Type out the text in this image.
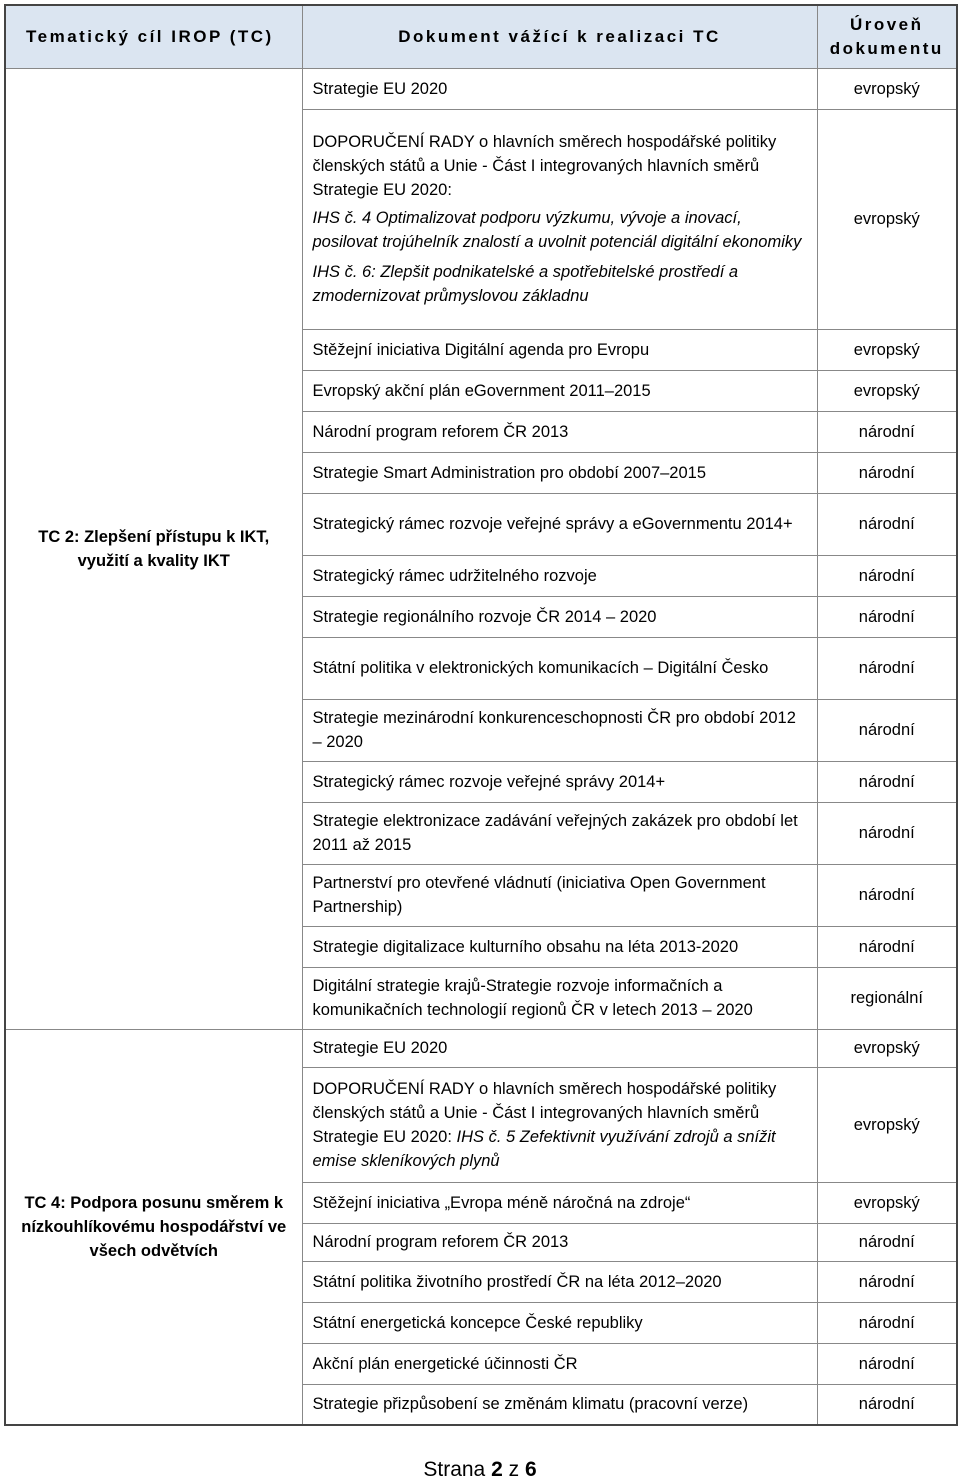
Tematický cíl IROP (TC)	Dokument vážící k realizaci TC	Úroveň dokumentu
TC 2: Zlepšení přístupu k IKT, využití a kvality IKT	Strategie EU 2020	evropský

	DOPORUČENÍ RADY o hlavních směrech hospodářské politiky členských států a Unie - Část I integrovaných hlavních směrů Strategie EU 2020:
IHS č. 4 Optimalizovat podporu výzkumu, vývoje a inovací, posilovat trojúhelník znalostí a uvolnit potenciál digitální ekonomiky
IHS č. 6: Zlepšit podnikatelské a spotřebitelské prostředí a zmodernizovat průmyslovou základnu	evropský
	Stěžejní iniciativa Digitální agenda pro Evropu	evropský
	Evropský akční plán eGovernment 2011–2015	evropský
	Národní program reforem ČR 2013	národní
	Strategie Smart Administration pro období 2007–2015	národní
	Strategický rámec rozvoje veřejné správy a eGovernmentu 2014+	národní
	Strategický rámec udržitelného rozvoje	národní
	Strategie regionálního rozvoje ČR 2014 – 2020	národní
	Státní politika v elektronických komunikacích – Digitální Česko	národní
	Strategie mezinárodní konkurenceschopnosti ČR pro období 2012 – 2020	národní
	Strategický rámec rozvoje veřejné správy 2014+	národní
	Strategie elektronizace zadávání veřejných zakázek pro období let 2011 až 2015	národní
	Partnerství pro otevřené vládnutí (iniciativa Open Government Partnership)	národní
	Strategie digitalizace kulturního obsahu na léta 2013-2020	národní
	Digitální strategie krajů-Strategie rozvoje informačních a komunikačních technologií regionů ČR v letech 2013 – 2020	regionální
TC 4: Podpora posunu směrem k nízkouhlíkovému hospodářství ve všech odvětvích	Strategie EU 2020	evropský
	DOPORUČENÍ RADY o hlavních směrech hospodářské politiky členských států a Unie - Část I integrovaných hlavních směrů Strategie EU 2020: IHS č. 5 Zefektivnit využívání zdrojů a snížit emise skleníkových plynů	evropský
	Stěžejní iniciativa „Evropa méně náročná na zdroje“	evropský
	Národní program reforem ČR 2013	národní
	Státní politika životního prostředí ČR na léta 2012–2020	národní
	Státní energetická koncepce České republiky	národní
	Akční plán energetické účinnosti ČR	národní
	Strategie přizpůsobení se změnám klimatu (pracovní verze)	národní
Strana 2 z 6
